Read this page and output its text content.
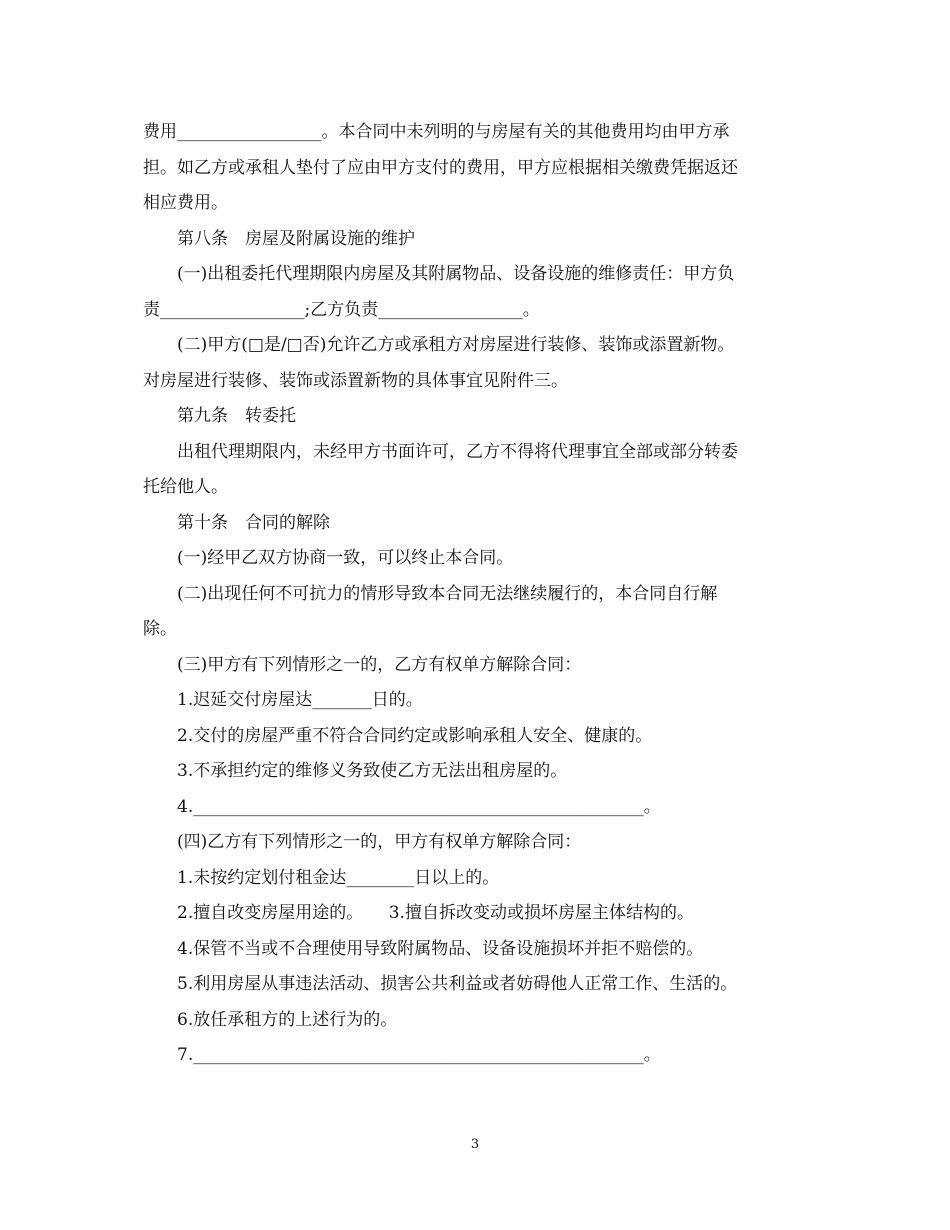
费用_________________。本合同中未列明的与房屋有关的其他费用均由甲方承

担。如乙方或承租人垫付了应由甲方支付的费用，甲方应根据相关缴费凭据返还

相应费用。

第八条　房屋及附属设施的维护

(一)出租委托代理期限内房屋及其附属物品、设备设施的维修责任：甲方负

责_________________;乙方负责_________________。

(二)甲方(□是/□否)允许乙方或承租方对房屋进行装修、装饰或添置新物。

对房屋进行装修、装饰或添置新物的具体事宜见附件三。

第九条　转委托

出租代理期限内，未经甲方书面许可，乙方不得将代理事宜全部或部分转委

托给他人。

第十条　合同的解除

(一)经甲乙双方协商一致，可以终止本合同。

(二)出现任何不可抗力的情形导致本合同无法继续履行的，本合同自行解

除。

(三)甲方有下列情形之一的，乙方有权单方解除合同：

1.迟延交付房屋达_______日的。

2.交付的房屋严重不符合合同约定或影响承租人安全、健康的。

3.不承担约定的维修义务致使乙方无法出租房屋的。

4._____________________________________________________。

(四)乙方有下列情形之一的，甲方有权单方解除合同：

1.未按约定划付租金达________日以上的。

2.擅自改变房屋用途的。　　3.擅自拆改变动或损坏房屋主体结构的。

4.保管不当或不合理使用导致附属物品、设备设施损坏并拒不赔偿的。

5.利用房屋从事违法活动、损害公共利益或者妨碍他人正常工作、生活的。

6.放任承租方的上述行为的。

7._____________________________________________________。

3
